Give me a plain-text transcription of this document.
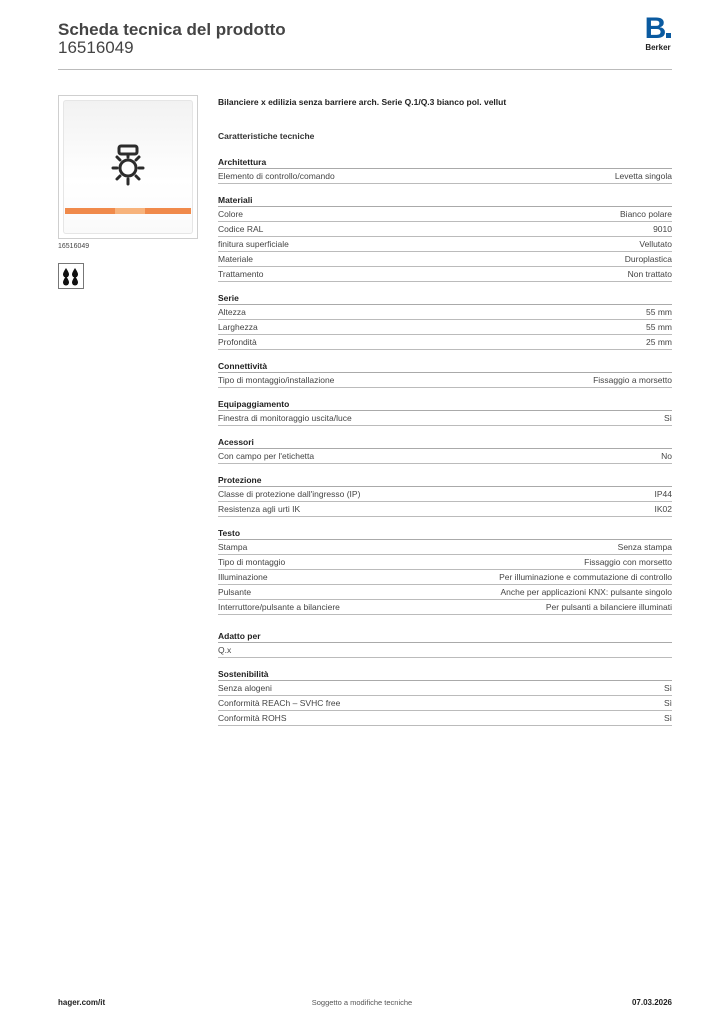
Scheda tecnica del prodotto
16516049
B
Berker
16516049
Bilanciere x edilizia senza barriere arch. Serie Q.1/Q.3 bianco pol. vellut
Caratteristiche tecniche
Architettura
Elemento di controllo/comando	Levetta singola
Materiali
Colore	Bianco polare
Codice RAL	9010
finitura superficiale	Vellutato
Materiale	Duroplastica
Trattamento	Non trattato
Serie
Altezza	55 mm
Larghezza	55 mm
Profondità	25 mm
Connettività
Tipo di montaggio/installazione	Fissaggio a morsetto
Equipaggiamento
Finestra di monitoraggio uscita/luce	Sì
Acessori
Con campo per l'etichetta	No
Protezione
Classe di protezione dall'ingresso (IP)	IP44
Resistenza agli urti IK	IK02
Testo
Stampa	Senza stampa
Tipo di montaggio	Fissaggio con morsetto
Illuminazione	Per illuminazione e commutazione di controllo
Pulsante	Anche per applicazioni KNX: pulsante singolo
Interruttore/pulsante a bilanciere	Per pulsanti a bilanciere illuminati
Adatto per
Q.x
Sostenibilità
Senza alogeni	Sì
Conformità REACh – SVHC free	Sì
Conformità ROHS	Sì
hager.com/it	Soggetto a modifiche tecniche	07.03.2026
